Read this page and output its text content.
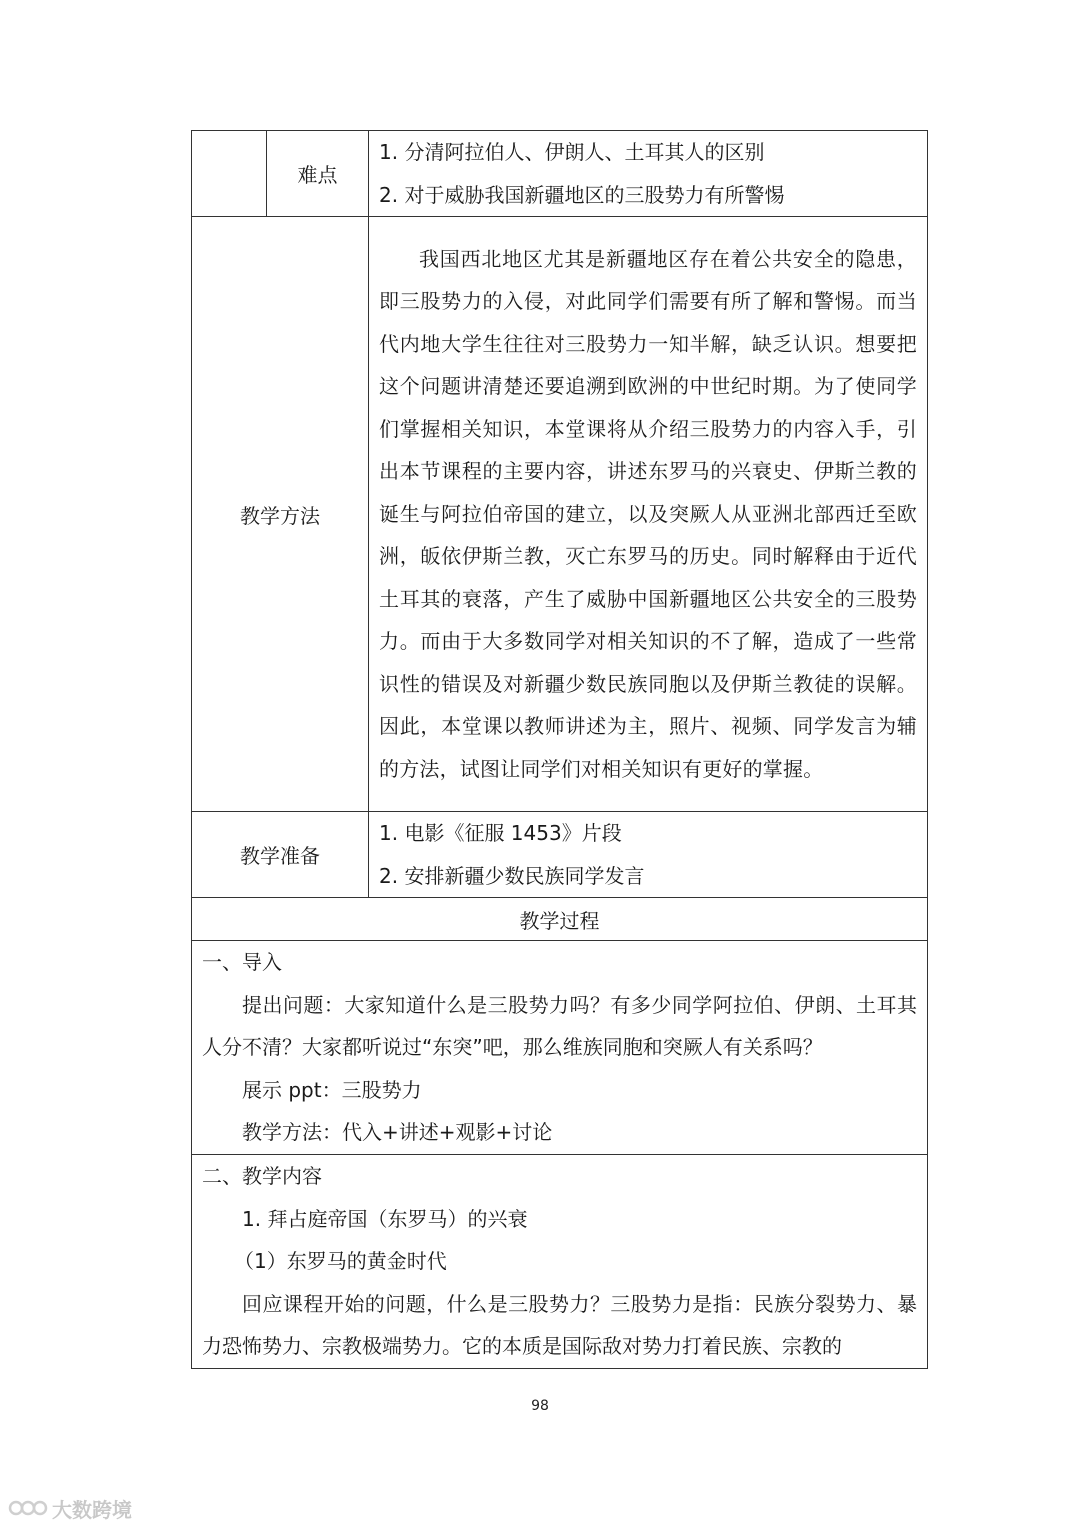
	难点	1. 分清阿拉伯人、伊朗人、土耳其人的区别
2. 对于威胁我国新疆地区的三股势力有所警惕

教学方法		我国西北地区尤其是新疆地区存在着公共安全的隐患，即三股势力的入侵，对此同学们需要有所了解和警惕。而当代内地大学生往往对三股势力一知半解，缺乏认识。想要把这个问题讲清楚还要追溯到欧洲的中世纪时期。为了使同学们掌握相关知识，本堂课将从介绍三股势力的内容入手，引出本节课程的主要内容，讲述东罗马的兴衰史、伊斯兰教的诞生与阿拉伯帝国的建立，以及突厥人从亚洲北部西迁至欧洲，皈依伊斯兰教，灭亡东罗马的历史。同时解释由于近代土耳其的衰落，产生了威胁中国新疆地区公共安全的三股势力。而由于大多数同学对相关知识的不了解，造成了一些常识性的错误及对新疆少数民族同胞以及伊斯兰教徒的误解。因此，本堂课以教师讲述为主，照片、视频、同学发言为辅的方法，试图让同学们对相关知识有更好的掌握。

教学准备		1. 电影《征服 1453》片段
2. 安排新疆少数民族同学发言

教学过程		

一、导入
提出问题：大家知道什么是三股势力吗？有多少同学阿拉伯、伊朗、土耳其人分不清？大家都听说过“东突”吧，那么维族同胞和突厥人有关系吗？
展示 ppt：三股势力
教学方法：代入+讲述+观影+讨论		

二、教学内容
1. 拜占庭帝国（东罗马）的兴衰
（1）东罗马的黄金时代
回应课程开始的问题，什么是三股势力？三股势力是指：民族分裂势力、暴力恐怖势力、宗教极端势力。它的本质是国际敌对势力打着民族、宗教的		
98
大数跨境
